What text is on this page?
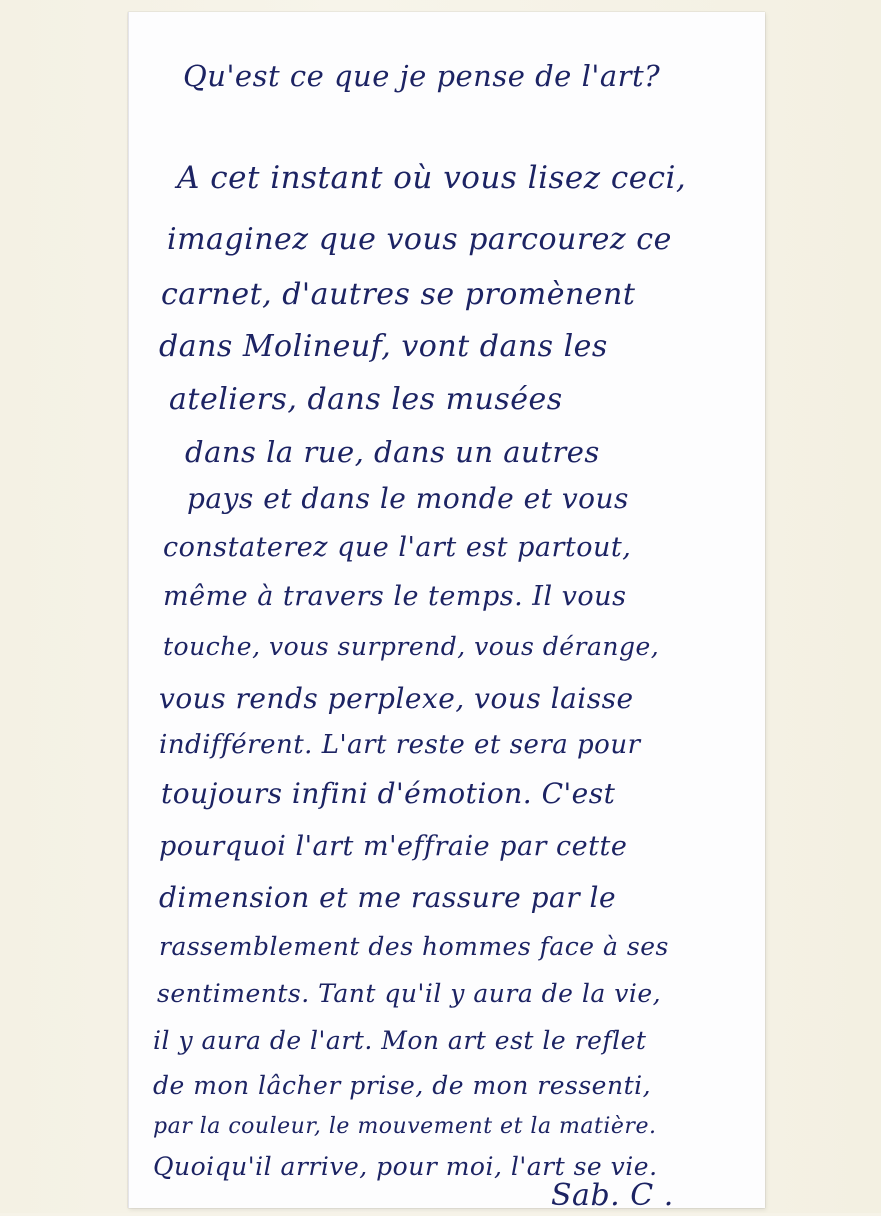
Qu'est ce que je pense de l'art?

A cet instant où vous lisez ceci,

imaginez que vous parcourez ce

carnet, d'autres se promènent

dans Molineuf, vont dans les

ateliers, dans les musées

dans la rue, dans un autres

pays et dans le monde et vous

constaterez que l'art est partout,

même à travers le temps. Il vous

touche, vous surprend, vous dérange,

vous rends perplexe, vous laisse

indifférent. L'art reste et sera pour

toujours infini d'émotion. C'est

pourquoi l'art m'effraie par cette

dimension et me rassure par le

rassemblement des hommes face à ses

sentiments. Tant qu'il y aura de la vie,

il y aura de l'art. Mon art est le reflet

de mon lâcher prise, de mon ressenti,

par la couleur, le mouvement et la matière.

Quoiqu'il arrive, pour moi, l'art se vie.

Sab. C .
